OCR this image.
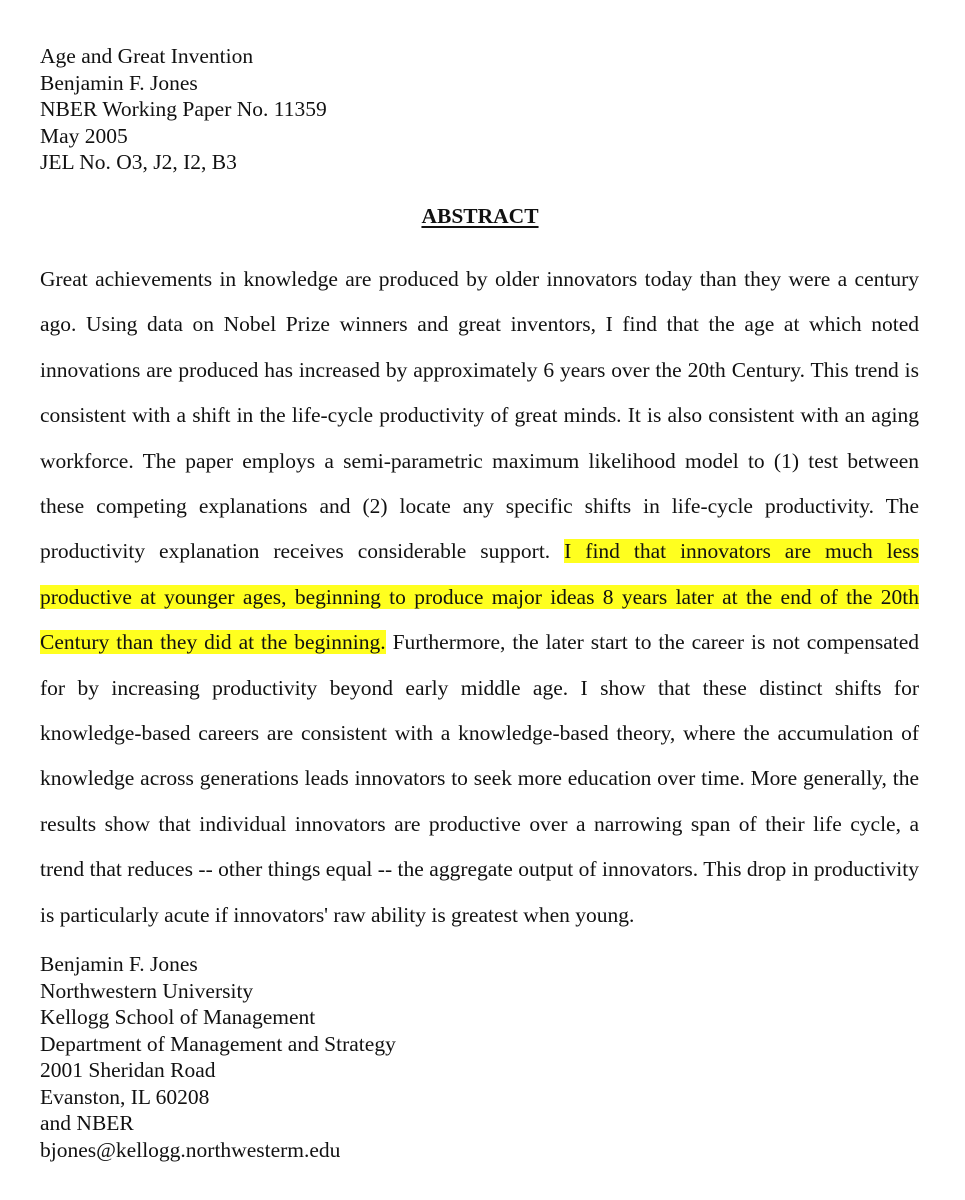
Age and Great Invention
Benjamin F. Jones
NBER Working Paper No. 11359
May 2005
JEL No. O3, J2, I2, B3
ABSTRACT
Great achievements in knowledge are produced by older innovators today than they were a century ago. Using data on Nobel Prize winners and great inventors, I find that the age at which noted innovations are produced has increased by approximately 6 years over the 20th Century. This trend is consistent with a shift in the life-cycle productivity of great minds. It is also consistent with an aging workforce. The paper employs a semi-parametric maximum likelihood model to (1) test between these competing explanations and (2) locate any specific shifts in life-cycle productivity. The productivity explanation receives considerable support. I find that innovators are much less productive at younger ages, beginning to produce major ideas 8 years later at the end of the 20th Century than they did at the beginning. Furthermore, the later start to the career is not compensated for by increasing productivity beyond early middle age. I show that these distinct shifts for knowledge-based careers are consistent with a knowledge-based theory, where the accumulation of knowledge across generations leads innovators to seek more education over time. More generally, the results show that individual innovators are productive over a narrowing span of their life cycle, a trend that reduces -- other things equal -- the aggregate output of innovators. This drop in productivity is particularly acute if innovators' raw ability is greatest when young.
Benjamin F. Jones
Northwestern University
Kellogg School of Management
Department of Management and Strategy
2001 Sheridan Road
Evanston, IL 60208
and NBER
bjones@kellogg.northwesterm.edu
